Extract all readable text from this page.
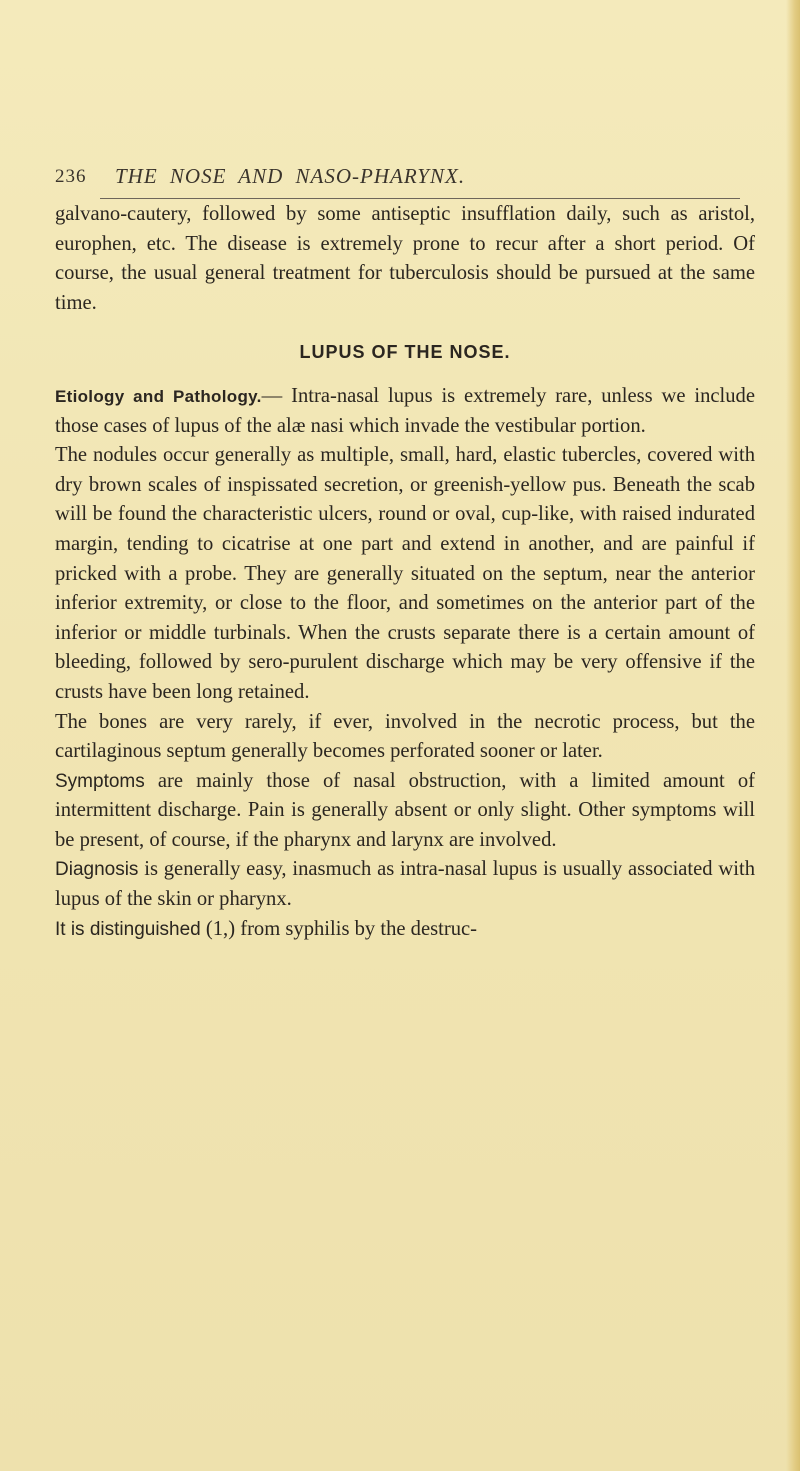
236 THE NOSE AND NASO-PHARYNX.

galvano-cautery, followed by some antiseptic insufflation daily, such as aristol, europhen, etc. The disease is extremely prone to recur after a short period. Of course, the usual general treatment for tuberculosis should be pursued at the same time.

LUPUS OF THE NOSE.

Etiology and Pathology.— Intra-nasal lupus is extremely rare, unless we include those cases of lupus of the alæ nasi which invade the vestibular portion.

The nodules occur generally as multiple, small, hard, elastic tubercles, covered with dry brown scales of inspissated secretion, or greenish-yellow pus. Beneath the scab will be found the characteristic ulcers, round or oval, cup-like, with raised indurated margin, tending to cicatrise at one part and extend in another, and are painful if pricked with a probe. They are generally situated on the septum, near the anterior inferior extremity, or close to the floor, and sometimes on the anterior part of the inferior or middle turbinals. When the crusts separate there is a certain amount of bleeding, followed by sero-purulent discharge which may be very offensive if the crusts have been long retained.

The bones are very rarely, if ever, involved in the necrotic process, but the cartilaginous septum generally becomes perforated sooner or later.

Symptoms are mainly those of nasal obstruction, with a limited amount of intermittent discharge. Pain is generally absent or only slight. Other symptoms will be present, of course, if the pharynx and larynx are involved.

Diagnosis is generally easy, inasmuch as intra-nasal lupus is usually associated with lupus of the skin or pharynx.

It is distinguished (1,) from syphilis by the destruc-
